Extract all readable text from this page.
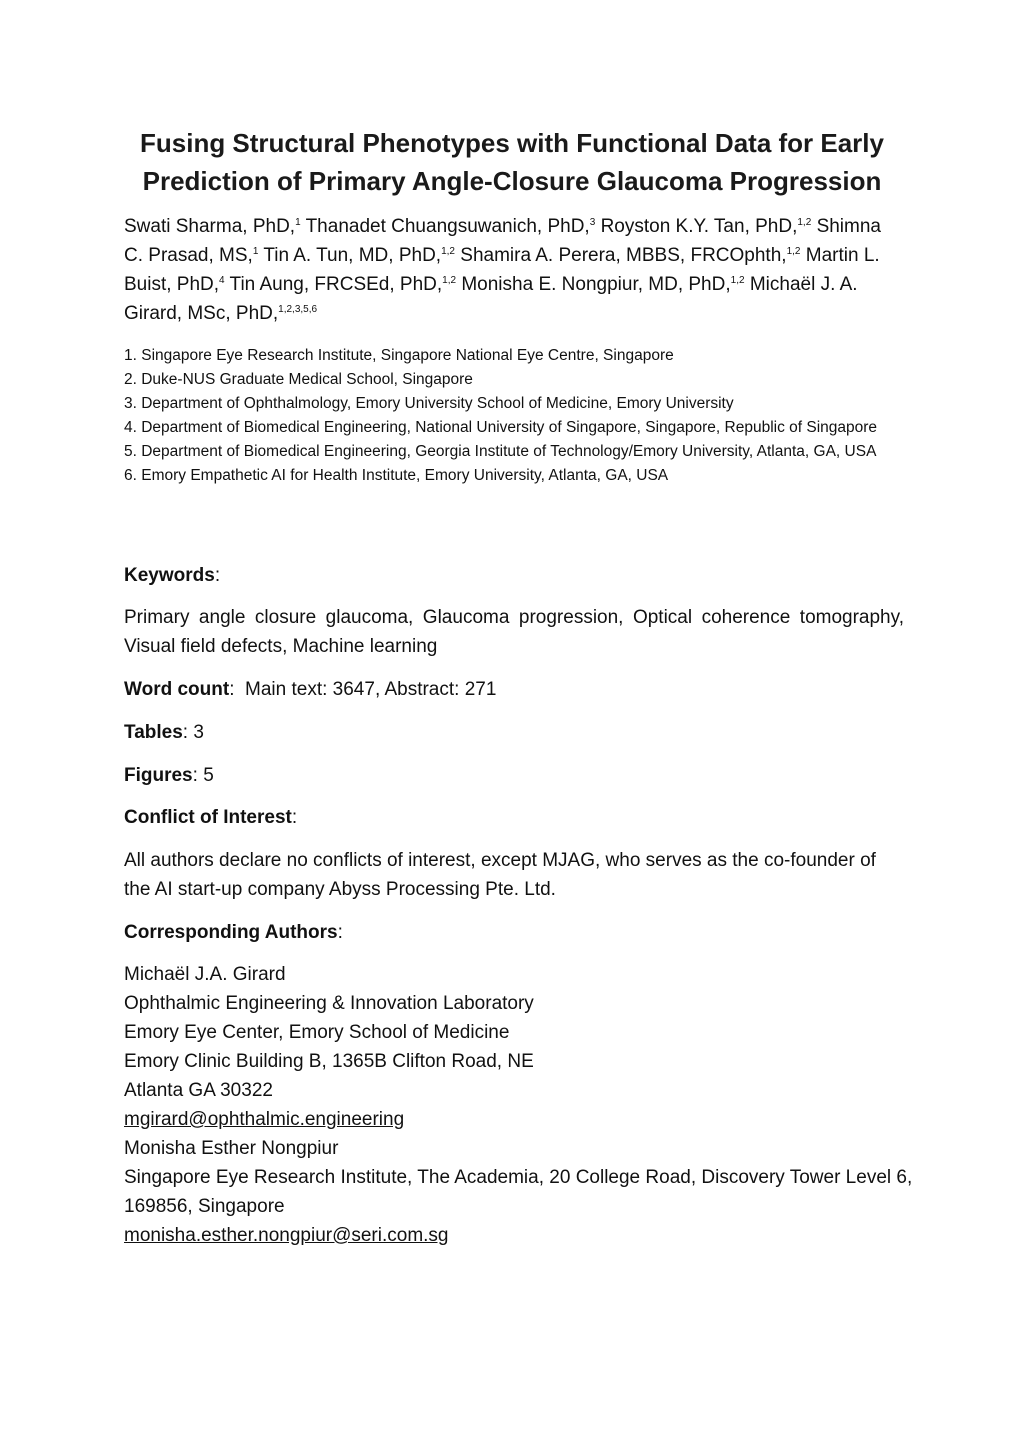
Fusing Structural Phenotypes with Functional Data for Early
Prediction of Primary Angle-Closure Glaucoma Progression
Swati Sharma, PhD,$^1$ Thanadet Chuangsuwanich, PhD,$^3$ Royston K.Y. Tan, PhD,$^{1,2}$ Shimna C. Prasad, MS,$^1$ Tin A. Tun, MD, PhD,$^{1,2}$ Shamira A. Perera, MBBS, FRCOphth,$^{1,2}$ Martin L. Buist, PhD,$^4$ Tin Aung, FRCSEd, PhD,$^{1,2}$ Monisha E. Nongpiur, MD, PhD,$^{1,2}$ Michaël J. A. Girard, MSc, PhD,$^{1,2,3,5,6}$
1. Singapore Eye Research Institute, Singapore National Eye Centre, Singapore
2. Duke-NUS Graduate Medical School, Singapore
3. Department of Ophthalmology, Emory University School of Medicine, Emory University
4. Department of Biomedical Engineering, National University of Singapore, Singapore, Republic of Singapore
5. Department of Biomedical Engineering, Georgia Institute of Technology/Emory University, Atlanta, GA, USA
6. Emory Empathetic AI for Health Institute, Emory University, Atlanta, GA, USA
Keywords:
Primary angle closure glaucoma, Glaucoma progression, Optical coherence tomography, Visual field defects, Machine learning
Word count:  Main text: 3647, Abstract: 271
Tables: 3
Figures: 5
Conflict of Interest:
All authors declare no conflicts of interest, except MJAG, who serves as the co-founder of the AI start-up company Abyss Processing Pte. Ltd.
Corresponding Authors:
Michaël J.A. Girard
Ophthalmic Engineering & Innovation Laboratory
Emory Eye Center, Emory School of Medicine
Emory Clinic Building B, 1365B Clifton Road, NE
Atlanta GA 30322
mgirard@ophthalmic.engineering
Monisha Esther Nongpiur
Singapore Eye Research Institute, The Academia, 20 College Road, Discovery Tower Level 6, 169856, Singapore
monisha.esther.nongpiur@seri.com.sg
